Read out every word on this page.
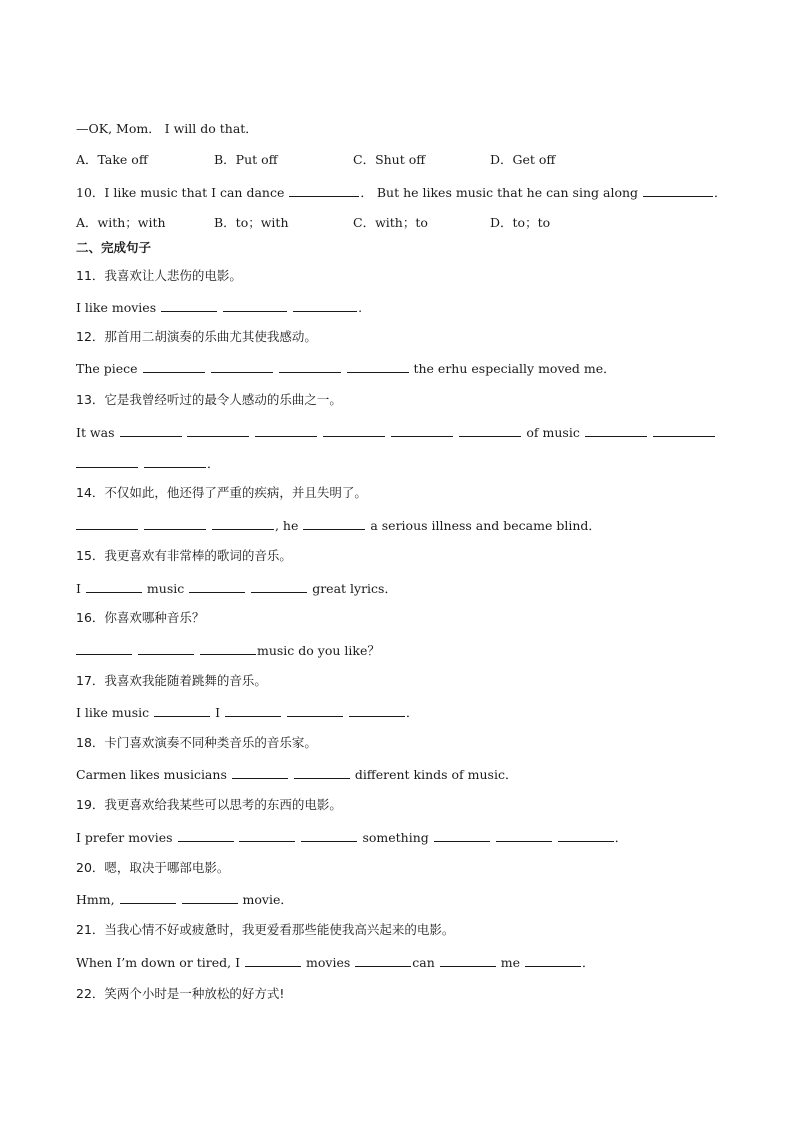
—OK, Mom． I will do that．
A．Take off	B．Put off	C．Shut off	D．Get off
10．I like music that I can dance	． But he likes music that he can sing along	．
A．with；with	B．to；with	C．with；to	D．to；to
二、完成句子
11．我喜欢让人悲伤的电影。
I like movies	.
12．那首用二胡演奏的乐曲尤其使我感动。
The piece	the erhu especially moved me．
13．它是我曾经听过的最令人感动的乐曲之一。
It was	of music
．
14．不仅如此，他还得了严重的疾病，并且失明了。
, he	a serious illness and became blind．
15．我更喜欢有非常棒的歌词的音乐。
I	music	great lyrics．
16．你喜欢哪种音乐？
music do you like？
17．我喜欢我能随着跳舞的音乐。
I like music	I	．
18．卡门喜欢演奏不同种类音乐的音乐家。
Carmen likes musicians	different kinds of music．
19．我更喜欢给我某些可以思考的东西的电影。
I prefer movies	something	．
20．嗯，取决于哪部电影。
Hmm,	movie．
21．当我心情不好或疲惫时，我更爱看那些能使我高兴起来的电影。
When I’m down or tired, I	movies	can	me	．
22．笑两个小时是一种放松的好方式!
